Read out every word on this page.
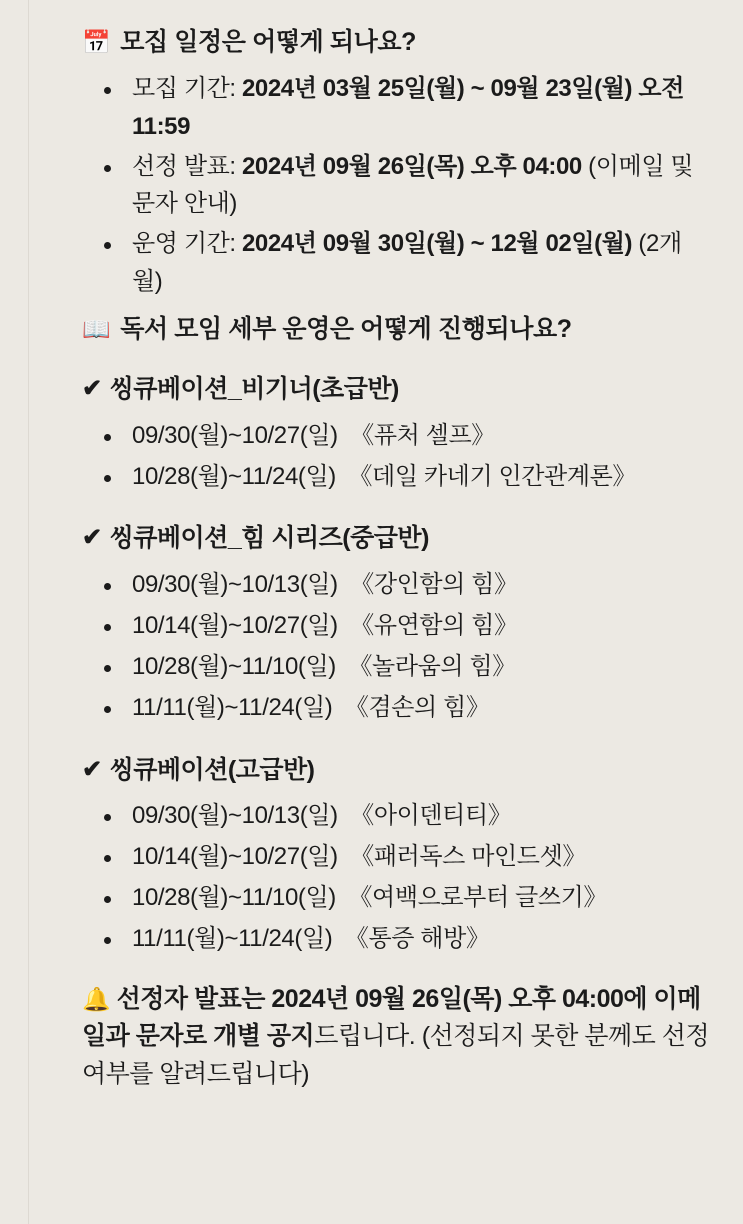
📅 모집 일정은 어떻게 되나요?
모집 기간: 2024년 03월 25일(월) ~ 09월 23일(월) 오전 11:59
선정 발표: 2024년 09월 26일(목) 오후 04:00 (이메일 및 문자 안내)
운영 기간: 2024년 09월 30일(월) ~ 12월 02일(월) (2개월)
📖 독서 모임 세부 운영은 어떻게 진행되나요?
✔ 씽큐베이션_비기너(초급반)
09/30(월)~10/27(일) 《퓨처 셀프》
10/28(월)~11/24(일) 《데일 카네기 인간관계론》
✔ 씽큐베이션_힘 시리즈(중급반)
09/30(월)~10/13(일) 《강인함의 힘》
10/14(월)~10/27(일) 《유연함의 힘》
10/28(월)~11/10(일) 《놀라움의 힘》
11/11(월)~11/24(일) 《겸손의 힘》
✔ 씽큐베이션(고급반)
09/30(월)~10/13(일) 《아이덴티티》
10/14(월)~10/27(일) 《패러독스 마인드셋》
10/28(월)~11/10(일) 《여백으로부터 글쓰기》
11/11(월)~11/24(일) 《통증 해방》
🔔 선정자 발표는 2024년 09월 26일(목) 오후 04:00에 이메일과 문자로 개별 공지드립니다. (선정되지 못한 분께도 선정 여부를 알려드립니다)
